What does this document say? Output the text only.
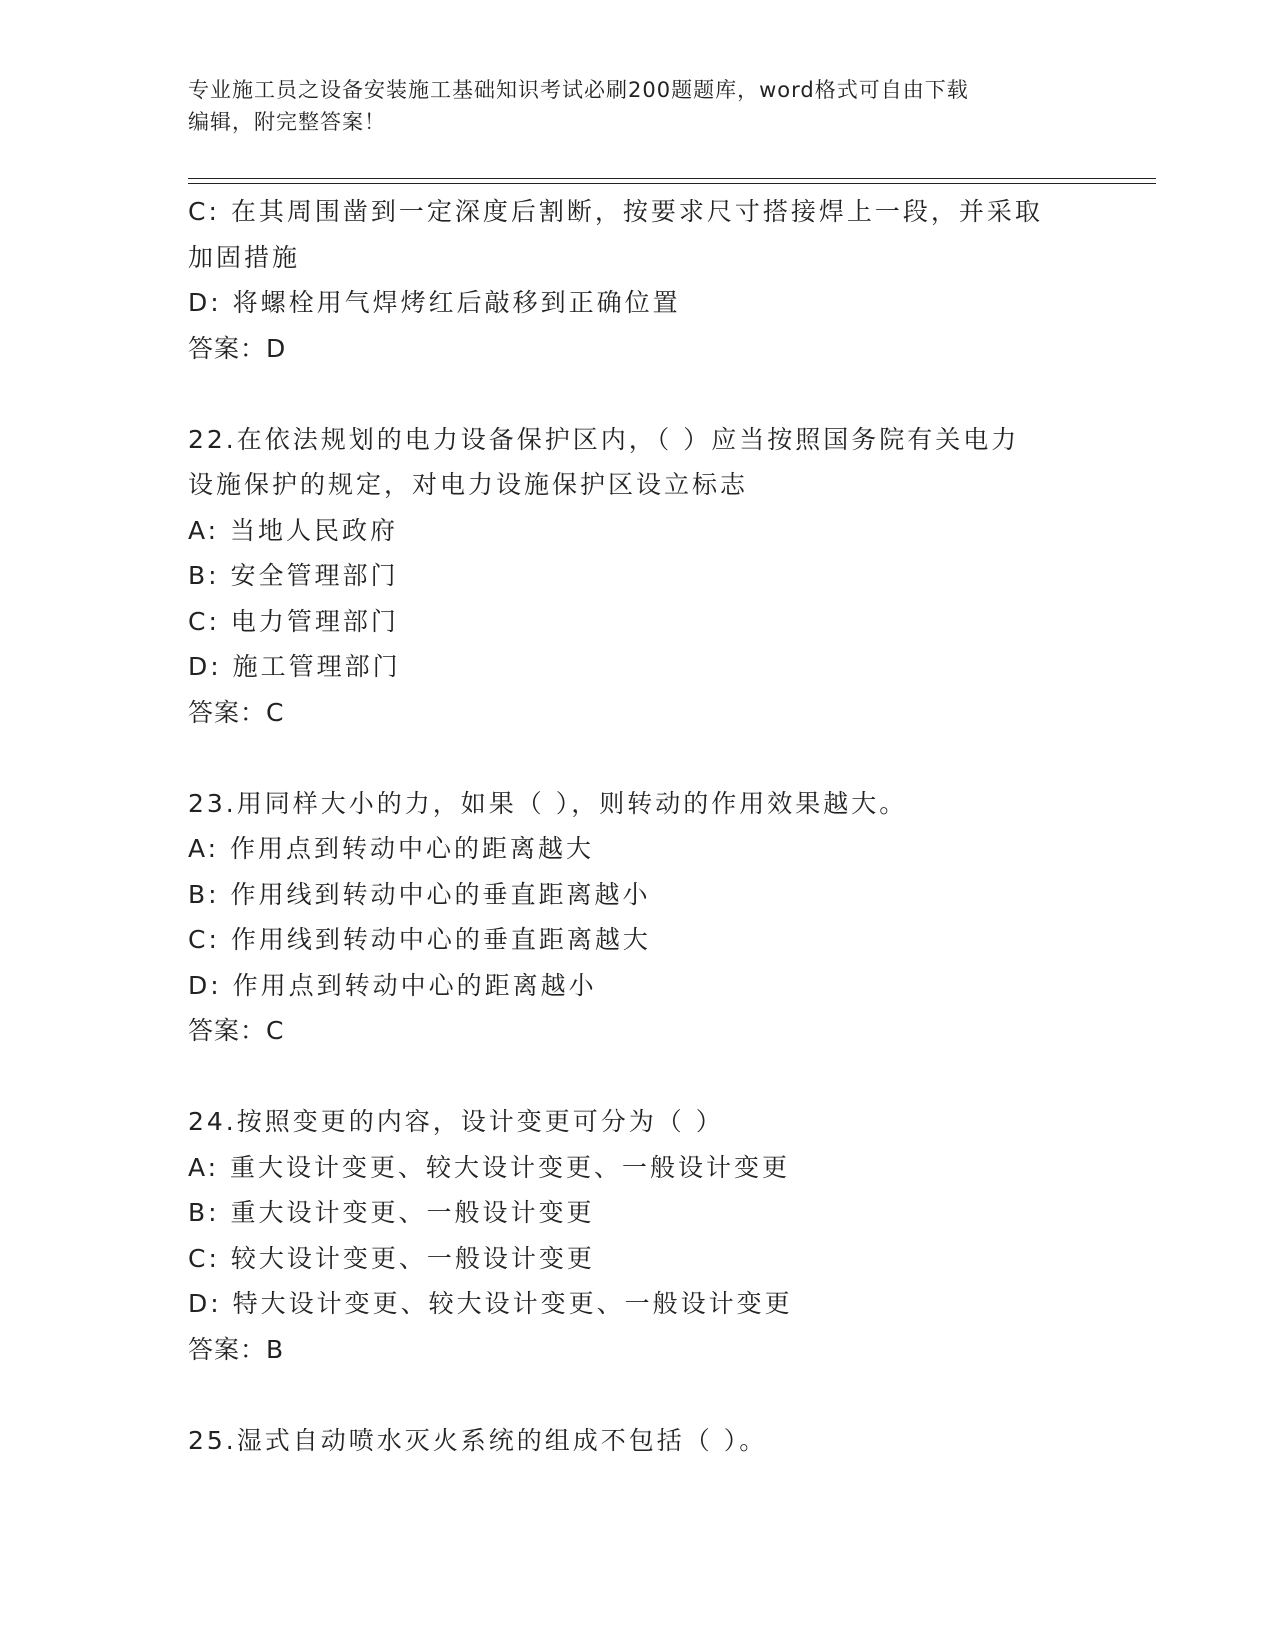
专业施工员之设备安装施工基础知识考试必刷200题题库，word格式可自由下载
编辑，附完整答案！
C: 在其周围凿到一定深度后割断，按要求尺寸搭接焊上一段，并采取
加固措施
D: 将螺栓用气焊烤红后敲移到正确位置
答案：D
22.在依法规划的电力设备保护区内，（ ）应当按照国务院有关电力
设施保护的规定，对电力设施保护区设立标志
A: 当地人民政府
B: 安全管理部门
C: 电力管理部门
D: 施工管理部门
答案：C
23.用同样大小的力，如果（ ），则转动的作用效果越大。
A: 作用点到转动中心的距离越大
B: 作用线到转动中心的垂直距离越小
C: 作用线到转动中心的垂直距离越大
D: 作用点到转动中心的距离越小
答案：C
24.按照变更的内容，设计变更可分为（ ）
A: 重大设计变更、较大设计变更、一般设计变更
B: 重大设计变更、一般设计变更
C: 较大设计变更、一般设计变更
D: 特大设计变更、较大设计变更、一般设计变更
答案：B
25.湿式自动喷水灭火系统的组成不包括（ ）。
